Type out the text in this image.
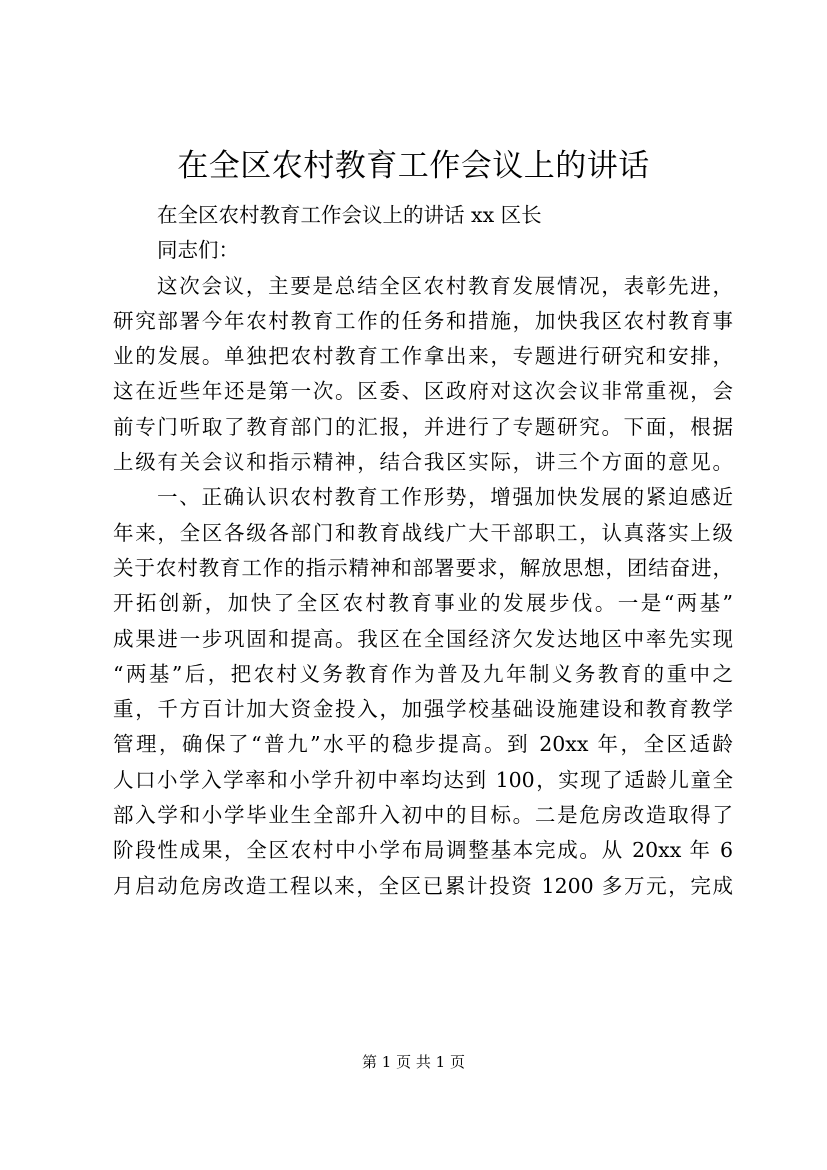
在全区农村教育工作会议上的讲话
在全区农村教育工作会议上的讲话 xx 区长
同志们：
这次会议，主要是总结全区农村教育发展情况，表彰先进，
研究部署今年农村教育工作的任务和措施，加快我区农村教育事
业的发展。单独把农村教育工作拿出来，专题进行研究和安排，
这在近些年还是第一次。区委、区政府对这次会议非常重视，会
前专门听取了教育部门的汇报，并进行了专题研究。下面，根据
上级有关会议和指示精神，结合我区实际，讲三个方面的意见。
一、正确认识农村教育工作形势，增强加快发展的紧迫感近
年来，全区各级各部门和教育战线广大干部职工，认真落实上级
关于农村教育工作的指示精神和部署要求，解放思想，团结奋进，
开拓创新，加快了全区农村教育事业的发展步伐。一是“两基”
成果进一步巩固和提高。我区在全国经济欠发达地区中率先实现
“两基”后，把农村义务教育作为普及九年制义务教育的重中之
重，千方百计加大资金投入，加强学校基础设施建设和教育教学
管理，确保了“普九”水平的稳步提高。到 20xx 年，全区适龄
人口小学入学率和小学升初中率均达到 100，实现了适龄儿童全
部入学和小学毕业生全部升入初中的目标。二是危房改造取得了
阶段性成果，全区农村中小学布局调整基本完成。从 20xx 年 6
月启动危房改造工程以来，全区已累计投资 1200 多万元，完成
第 1 页 共 1 页
